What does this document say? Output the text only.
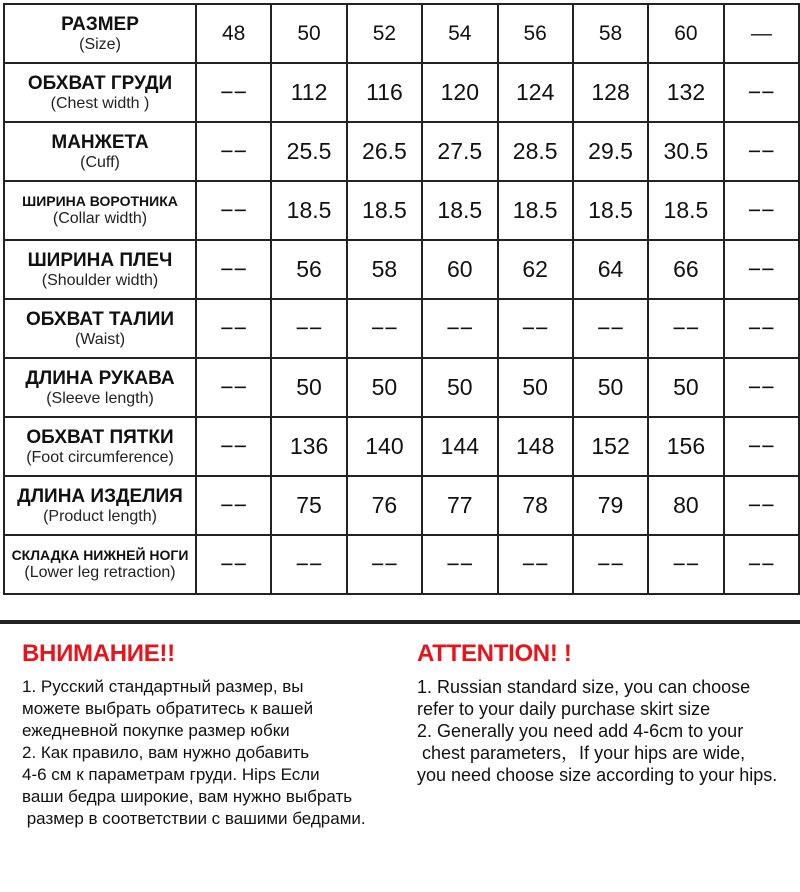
РАЗМЕР
(Size)	48	50	52	54	56	58	60	—

ОБХВАТ ГРУДИ
(Chest width )	−−	112	116	120	124	128	132	−−

МАНЖЕТА
(Cuff)	−−	25.5	26.5	27.5	28.5	29.5	30.5	−−

ШИРИНА ВОРОТНИКА
(Collar width)	−−	18.5	18.5	18.5	18.5	18.5	18.5	−−

ШИРИНА ПЛЕЧ
(Shoulder width)	−−	56	58	60	62	64	66	−−

ОБХВАТ ТАЛИИ
(Waist)	−−	−−	−−	−−	−−	−−	−−	−−

ДЛИНА РУКАВА
(Sleeve length)	−−	50	50	50	50	50	50	−−

ОБХВАТ ПЯТКИ
(Foot circumference)	−−	136	140	144	148	152	156	−−

ДЛИНА ИЗДЕЛИЯ
(Product length)	−−	75	76	77	78	79	80	−−

СКЛАДКА НИЖНЕЙ НОГИ
(Lower leg retraction)	−−	−−	−−	−−	−−	−−	−−	−−
ВНИМАНИЕ!!

1. Русский стандартный размер, вы
можете выбрать обратитесь к вашей
ежедневной покупке размер юбки
2. Как правило, вам нужно добавить
4-6 см к параметрам груди. Hips Если
ваши бедра широкие, вам нужно выбрать
размер в соответствии с вашими бедрами.

ATTENTION! !

1. Russian standard size, you can choose
refer to your daily purchase skirt size
2. Generally you need add 4-6cm to your
chest parameters，If your hips are wide,
you need choose size according to your hips.
